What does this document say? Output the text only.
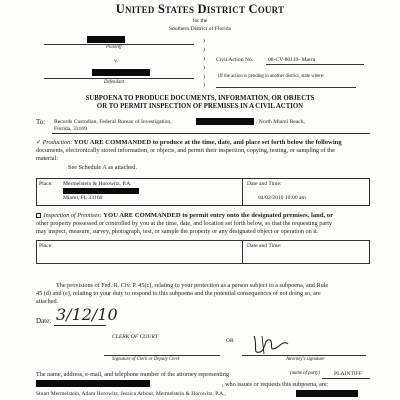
United States District Court
for the
Southern District of Florida
Plaintiff
v.
Defendant
)
)
)
)
)
)
Civil Action No.	08-CV-80119- Marra
(If the action is pending in another district, state where:
SUBPOENA TO PRODUCE DOCUMENTS, INFORMATION, OR OBJECTS
OR TO PERMIT INSPECTION OF PREMISES IN A CIVIL ACTION
To: Records Custodian, Federal Bureau of Investigation,	, North Miami Beach,
Florida, 33169
✓ Production: YOU ARE COMMANDED to produce at the time, date, and place set forth below the following
documents, electronically stored information, or objects, and permit their inspection, copying, testing, or sampling of the
material:
See Schedule A as attached.
Place: Mermelstein & Horowitz, P.A.
Miami, FL 33160
Date and Time:
04/02/2010 10:00 am
Inspection of Premises: YOU ARE COMMANDED to permit entry onto the designated premises, land, or
other property possessed or controlled by you at the time, date, and location set forth below, so that the requesting party
may inspect, measure, survey, photograph, test, or sample the property or any designated object or operation on it.
Place:	Date and Time:
The provisions of Fed. R. Civ. P. 45(c), relating to your protection as a person subject to a subpoena, and Rule
45 (d) and (e), relating to your duty to respond to this subpoena and the potential consequences of not doing so, are
attached.
Date: 3/12/10
CLERK OF COURT
Signature of Clerk or Deputy Clerk
OR
Attorney's signature
The name, address, e-mail, and telephone number of the attorney representing	(name of party)	PLAINTIFF
, who issues or requests this subpoena, are:
Stuart Mermelstein, Adam Horowitz, Jessica Arbour, Mermelstein & Horowitz, P.A.,
